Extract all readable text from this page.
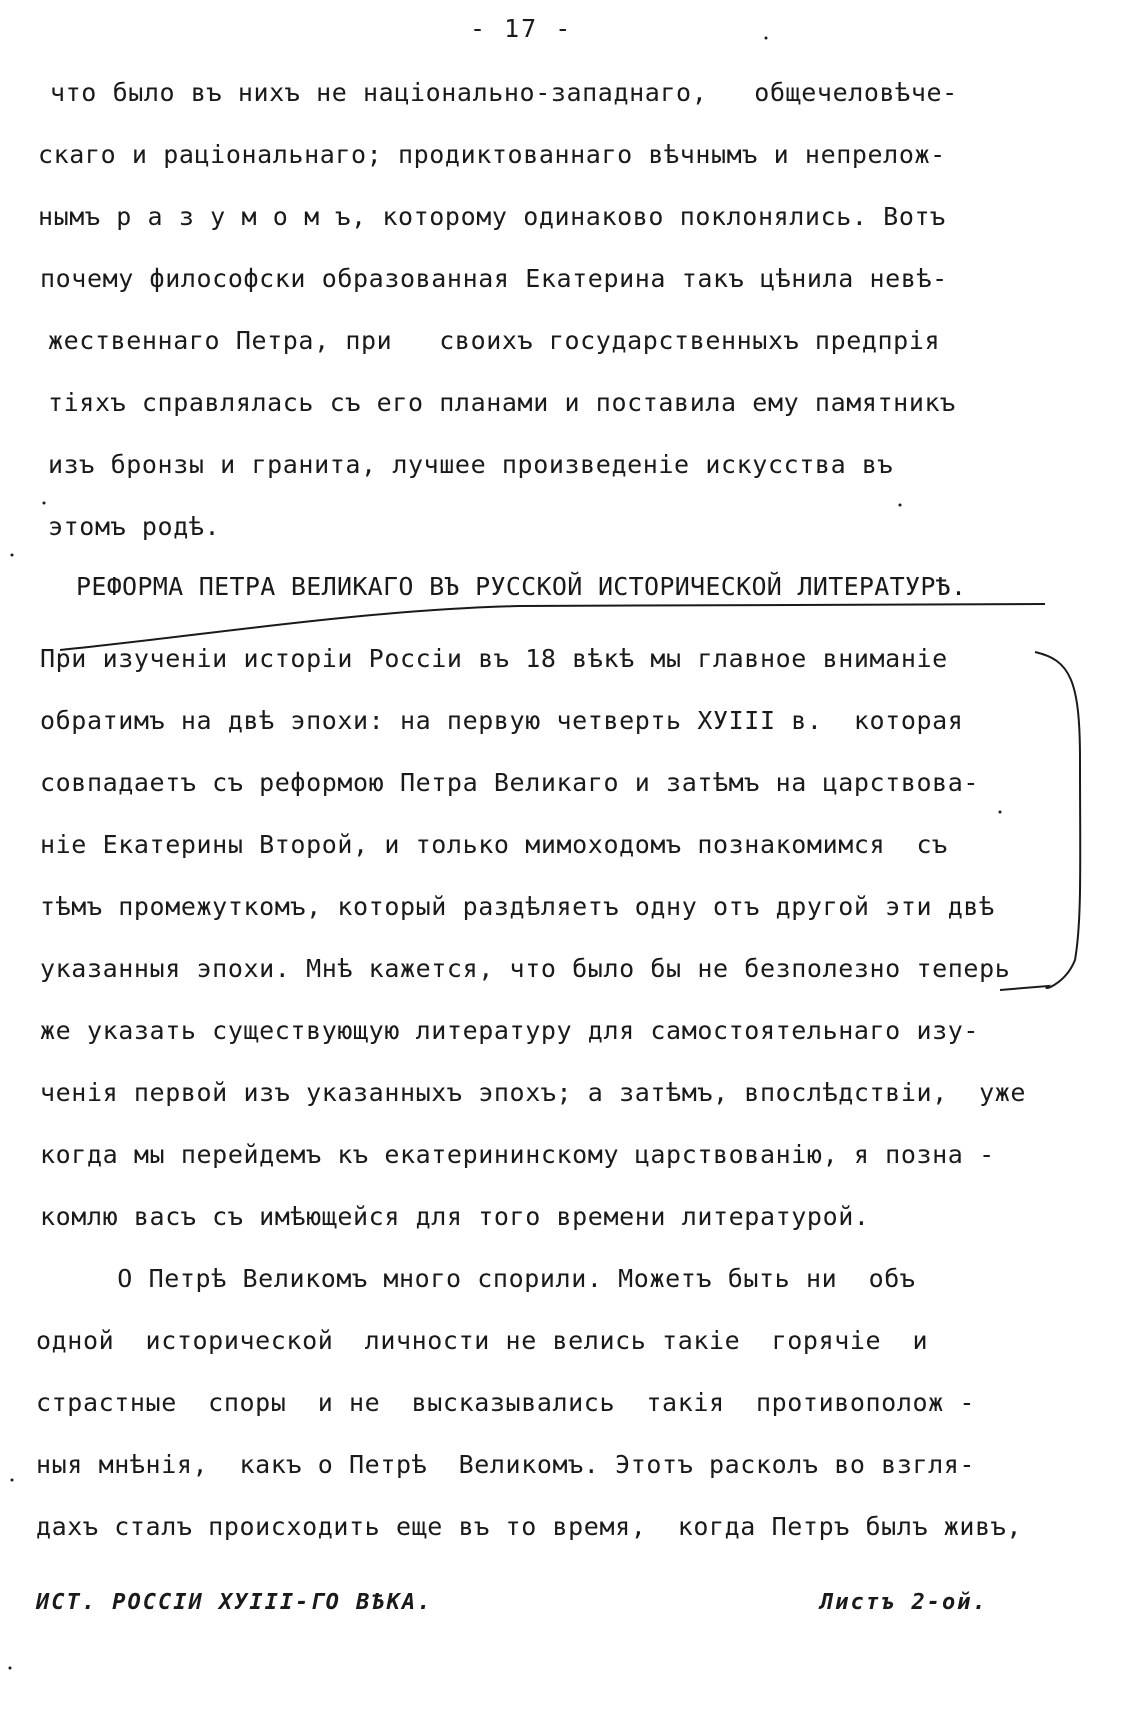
- 17 -
что было въ нихъ не національно-западнаго,   общечеловѣче-
скаго и раціональнаго; продиктованнаго вѣчнымъ и непрелож-
нымъ р а з у м о м ъ, которому одинаково поклонялись. Вотъ
почему философски образованная Екатерина такъ цѣнила невѣ-
жественнаго Петра, при   своихъ государственныхъ предпрія
тіяхъ справлялась съ его планами и поставила ему памятникъ
изъ бронзы и гранита, лучшее произведеніе искусства въ
этомъ родѣ.
РЕФОРМА ПЕТРА ВЕЛИКАГО ВЪ РУССКОЙ ИСТОРИЧЕСКОЙ ЛИТЕРАТУРѢ.
При изученіи исторіи Россіи въ 18 вѣкѣ мы главное вниманіе
обратимъ на двѣ эпохи: на первую четверть ХУIII в.  которая
совпадаетъ съ реформою Петра Великаго и затѣмъ на царствова-
ніе Екатерины Второй, и только мимоходомъ познакомимся  съ
тѣмъ промежуткомъ, который раздѣляетъ одну отъ другой эти двѣ
указанныя эпохи. Мнѣ кажется, что было бы не безполезно теперь
же указать существующую литературу для самостоятельнаго изу-
ченія первой изъ указанныхъ эпохъ; а затѣмъ, впослѣдствіи,  уже
когда мы перейдемъ къ екатерининскому царствованію, я позна -
комлю васъ съ имѣющейся для того времени литературой.
О Петрѣ Великомъ много спорили. Можетъ быть ни  объ
одной  исторической  личности не велись такіе  горячіе  и
страстные  споры  и не  высказывались  такія  противополож -
ныя мнѣнія,  какъ о Петрѣ  Великомъ. Этотъ расколъ во взгля-
дахъ сталъ происходить еще въ то время,  когда Петръ былъ живъ,
ИСТ. РОССІИ ХУIII-ГО ВѢКА.	Листъ 2-ой.
